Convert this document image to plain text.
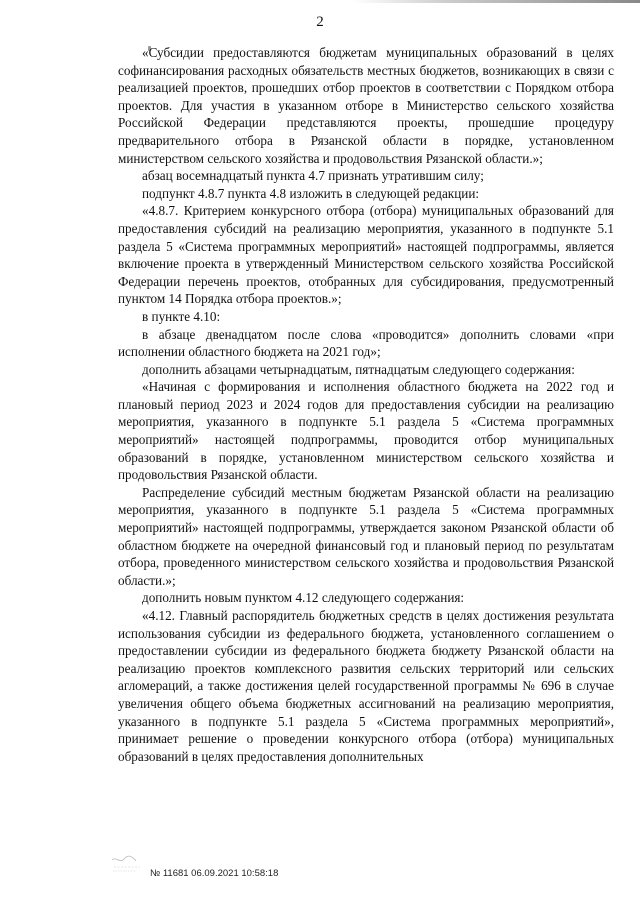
2

«Субсидии предоставляются бюджетам муниципальных образований в целях софинансирования расходных обязательств местных бюджетов, возникающих в связи с реализацией проектов, прошедших отбор проектов в соответствии с Порядком отбора проектов. Для участия в указанном отборе в Министерство сельского хозяйства Российской Федерации представляются проекты, прошедшие процедуру предварительного отбора в Рязанской области в порядке, установленном министерством сельского хозяйства и продовольствия Рязанской области.»;

абзац восемнадцатый пункта 4.7 признать утратившим силу;

подпункт 4.8.7 пункта 4.8 изложить в следующей редакции:

«4.8.7. Критерием конкурсного отбора (отбора) муниципальных образований для предоставления субсидий на реализацию мероприятия, указанного в подпункте 5.1 раздела 5 «Система программных мероприятий» настоящей подпрограммы, является включение проекта в утвержденный Министерством сельского хозяйства Российской Федерации перечень проектов, отобранных для субсидирования, предусмотренный пунктом 14 Порядка отбора проектов.»;

в пункте 4.10:

в абзаце двенадцатом после слова «проводится» дополнить словами «при исполнении областного бюджета на 2021 год»;

дополнить абзацами четырнадцатым, пятнадцатым следующего содержания:

«Начиная с формирования и исполнения областного бюджета на 2022 год и плановый период 2023 и 2024 годов для предоставления субсидии на реализацию мероприятия, указанного в подпункте 5.1 раздела 5 «Система программных мероприятий» настоящей подпрограммы, проводится отбор муниципальных образований в порядке, установленном министерством сельского хозяйства и продовольствия Рязанской области.

Распределение субсидий местным бюджетам Рязанской области на реализацию мероприятия, указанного в подпункте 5.1 раздела 5 «Система программных мероприятий» настоящей подпрограммы, утверждается законом Рязанской области об областном бюджете на очередной финансовый год и плановый период по результатам отбора, проведенного министерством сельского хозяйства и продовольствия Рязанской области.»;

дополнить новым пунктом 4.12 следующего содержания:

«4.12. Главный распорядитель бюджетных средств в целях достижения результата использования субсидии из федерального бюджета, установленного соглашением о предоставлении субсидии из федерального бюджета бюджету Рязанской области на реализацию проектов комплексного развития сельских территорий или сельских агломераций, а также достижения целей государственной программы № 696 в случае увеличения общего объема бюджетных ассигнований на реализацию мероприятия, указанного в подпункте 5.1 раздела 5 «Система программных мероприятий», принимает решение о проведении конкурсного отбора (отбора) муниципальных образований в целях предоставления дополнительных

№ 11681 06.09.2021 10:58:18
